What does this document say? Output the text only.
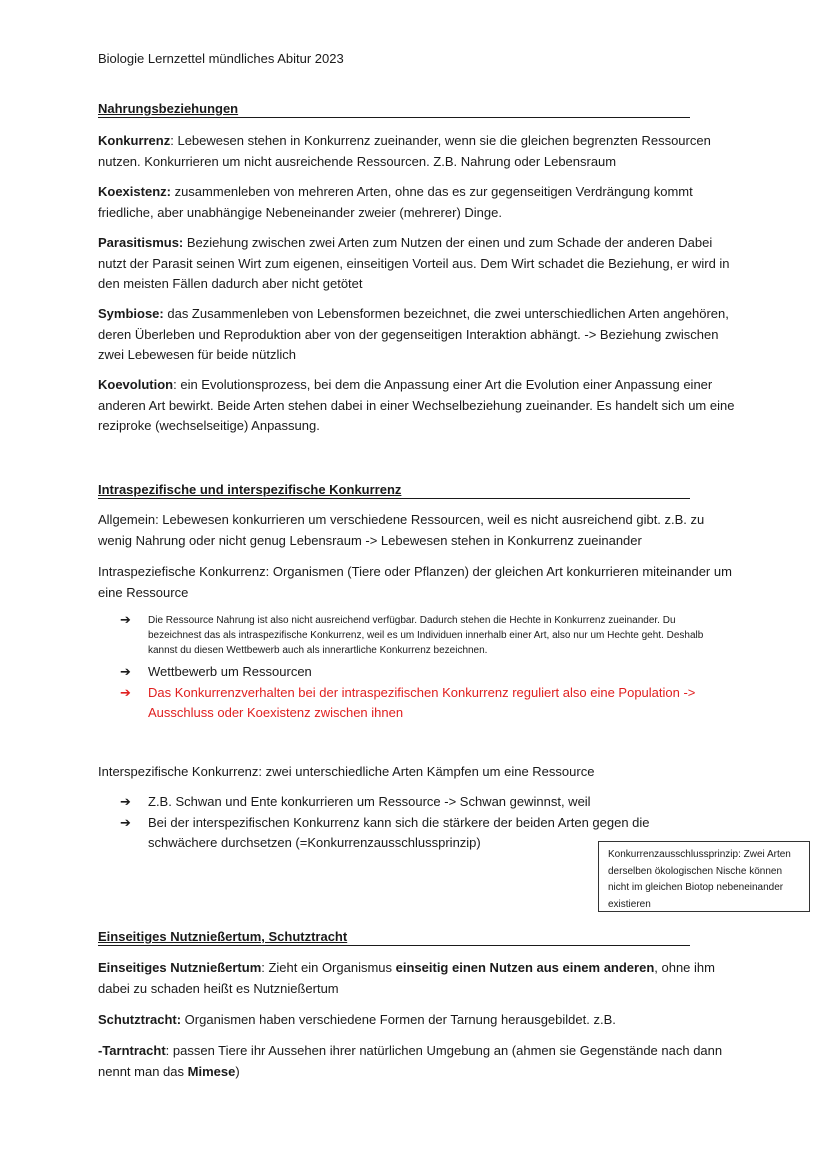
Biologie Lernzettel mündliches Abitur 2023
Nahrungsbeziehungen
Konkurrenz: Lebewesen stehen in Konkurrenz zueinander, wenn sie die gleichen begrenzten Ressourcen nutzen. Konkurrieren um nicht ausreichende Ressourcen. Z.B. Nahrung oder Lebensraum
Koexistenz: zusammenleben von mehreren Arten, ohne das es zur gegenseitigen Verdrängung kommt friedliche, aber unabhängige Nebeneinander zweier (mehrerer) Dinge.
Parasitismus: Beziehung zwischen zwei Arten zum Nutzen der einen und zum Schade der anderen Dabei nutzt der Parasit seinen Wirt zum eigenen, einseitigen Vorteil aus. Dem Wirt schadet die Beziehung, er wird in den meisten Fällen dadurch aber nicht getötet
Symbiose: das Zusammenleben von Lebensformen bezeichnet, die zwei unterschiedlichen Arten angehören, deren Überleben und Reproduktion aber von der gegenseitigen Interaktion abhängt. -> Beziehung zwischen zwei Lebewesen für beide nützlich
Koevolution: ein Evolutionsprozess, bei dem die Anpassung einer Art die Evolution einer Anpassung einer anderen Art bewirkt. Beide Arten stehen dabei in einer Wechselbeziehung zueinander. Es handelt sich um eine reziproke (wechselseitige) Anpassung.
Intraspezifische und interspezifische Konkurrenz
Allgemein: Lebewesen konkurrieren um verschiedene Ressourcen, weil es nicht ausreichend gibt. z.B. zu wenig Nahrung oder nicht genug Lebensraum -> Lebewesen stehen in Konkurrenz zueinander
Intraspeziefische Konkurrenz: Organismen (Tiere oder Pflanzen) der gleichen Art konkurrieren miteinander um eine Ressource
➔ Die Ressource Nahrung ist also nicht ausreichend verfügbar. Dadurch stehen die Hechte in Konkurrenz zueinander. Du bezeichnest das als intraspezifische Konkurrenz, weil es um Individuen innerhalb einer Art, also nur um Hechte geht. Deshalb kannst du diesen Wettbewerb auch als innerartliche Konkurrenz bezeichnen.
➔ Wettbewerb um Ressourcen
➔ Das Konkurrenzverhalten bei der intraspezifischen Konkurrenz reguliert also eine Population -> Ausschluss oder Koexistenz zwischen ihnen
Interspezifische Konkurrenz: zwei unterschiedliche Arten Kämpfen um eine Ressource
➔ Z.B. Schwan und Ente konkurrieren um Ressource -> Schwan gewinnst, weil
➔ Bei der interspezifischen Konkurrenz kann sich die stärkere der beiden Arten gegen die schwächere durchsetzen (=Konkurrenzausschlussprinzip)
Einseitiges Nutznießertum, Schutztracht
Einseitiges Nutznießertum: Zieht ein Organismus einseitig einen Nutzen aus einem anderen, ohne ihm dabei zu schaden heißt es Nutznießertum
Schutztracht: Organismen haben verschiedene Formen der Tarnung herausgebildet. z.B.
-Tarntracht: passen Tiere ihr Aussehen ihrer natürlichen Umgebung an (ahmen sie Gegenstände nach dann nennt man das Mimese)
Konkurrenzausschlussprinzip: Zwei Arten derselben ökologischen Nische können nicht im gleichen Biotop nebeneinander existieren
